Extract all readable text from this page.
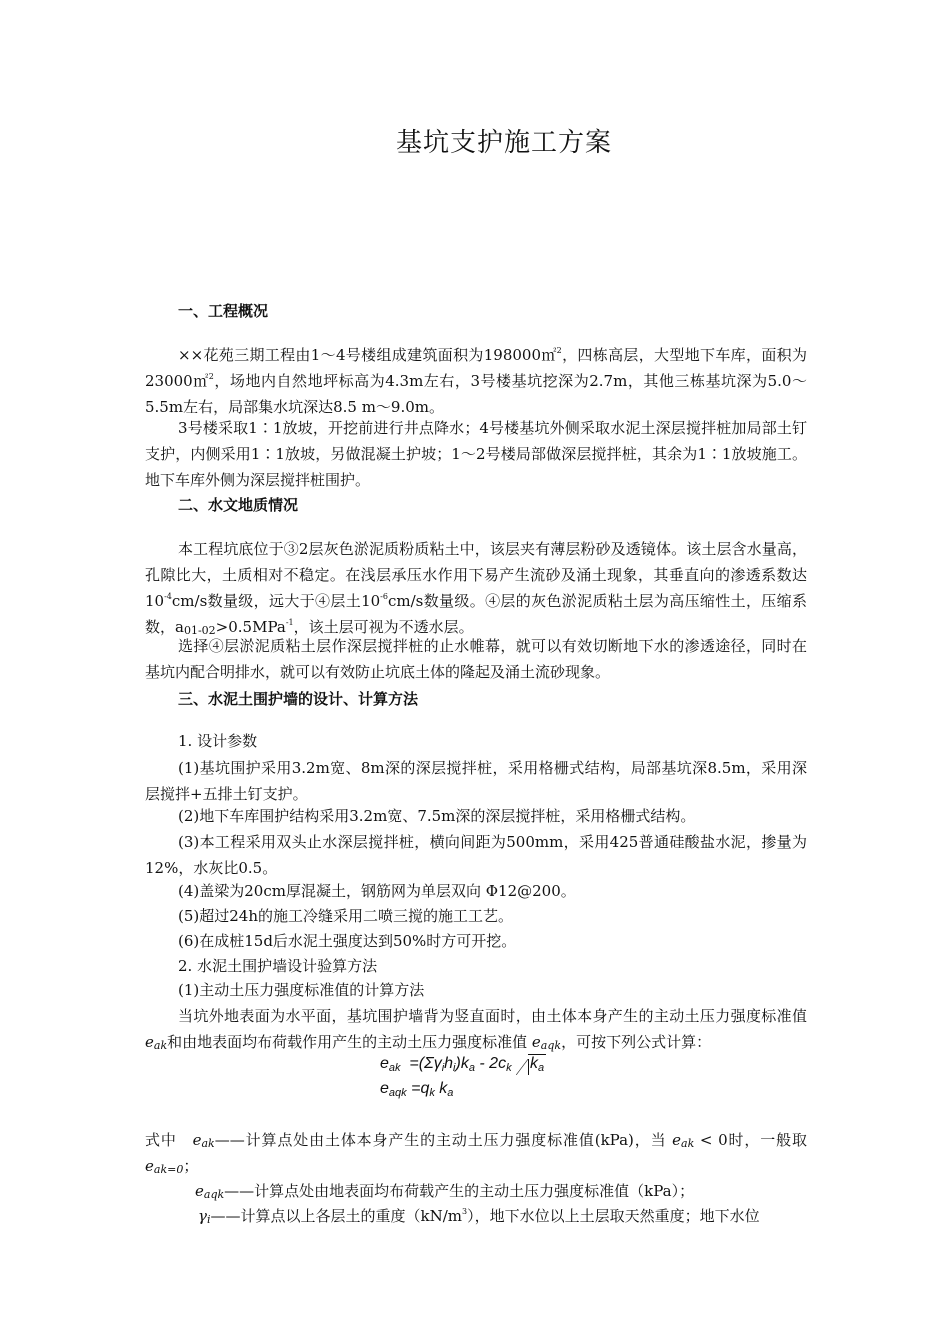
基坑支护施工方案
一、工程概况
××花苑三期工程由1～4号楼组成建筑面积为198000㎡$^2$，四栋高层，大型地下车库，面积为23000㎡$^2$，场地内自然地坪标高为4.3m左右，3号楼基坑挖深为2.7m，其他三栋基坑深为5.0～5.5m左右，局部集水坑深达8.5 m～9.0m。
3号楼采取1∶1放坡，开挖前进行井点降水；4号楼基坑外侧采取水泥土深层搅拌桩加局部土钉支护，内侧采用1∶1放坡，另做混凝土护坡；1～2号楼局部做深层搅拌桩，其余为1∶1放坡施工。地下车库外侧为深层搅拌桩围护。
二、水文地质情况
本工程坑底位于③2层灰色淤泥质粉质粘土中，该层夹有薄层粉砂及透镜体。该土层含水量高，孔隙比大，土质相对不稳定。在浅层承压水作用下易产生流砂及涌土现象，其垂直向的渗透系数达$10^{-4}cm/s$数量级，远大于④层土$10^{-6}cm/s$数量级。④层的灰色淤泥质粘土层为高压缩性土，压缩系数，$a_{01-02}>0.5MPa^{-1}$，该土层可视为不透水层。
选择④层淤泥质粘土层作深层搅拌桩的止水帷幕，就可以有效切断地下水的渗透途径，同时在基坑内配合明排水，就可以有效防止坑底土体的隆起及涌土流砂现象。
三、水泥土围护墙的设计、计算方法
1. 设计参数
(1)基坑围护采用3.2m宽、8m深的深层搅拌桩，采用格栅式结构，局部基坑深8.5m，采用深层搅拌+五排土钉支护。
(2)地下车库围护结构采用3.2m宽、7.5m深的深层搅拌桩，采用格栅式结构。
(3)本工程采用双头止水深层搅拌桩，横向间距为500mm，采用425普通硅酸盐水泥，掺量为12%，水灰比0.5。
(4)盖梁为20cm厚混凝土，钢筋网为单层双向 Φ12@200。
(5)超过24h的施工冷缝采用二喷三搅的施工工艺。
(6)在成桩15d后水泥土强度达到50%时方可开挖。
2. 水泥土围护墙设计验算方法
(1)主动土压力强度标准值的计算方法
当坑外地表面为水平面，基坑围护墙背为竖直面时，由土体本身产生的主动土压力强度标准值 $e_{ak}$和由地表面均布荷载作用产生的主动土压力强度标准值 $e_{aqk}$，可按下列公式计算：
$e_{ak} =(\Sigma\gamma_ih_i)k_a - 2c_k$ $k_a$
$e_{aqk} =q_k$ $k_a$
式中　$e_{ak}——$计算点处由土体本身产生的主动土压力强度标准值(kPa)，当 $e_{ak} < 0$时，一般取 $e_{ak=0}$；
$e_{aqk}——$计算点处由地表面均布荷载产生的主动土压力强度标准值（kPa）；
$\gamma_i——$计算点以上各层土的重度$(kN/m^3)$，地下水位以上土层取天然重度；地下水位
